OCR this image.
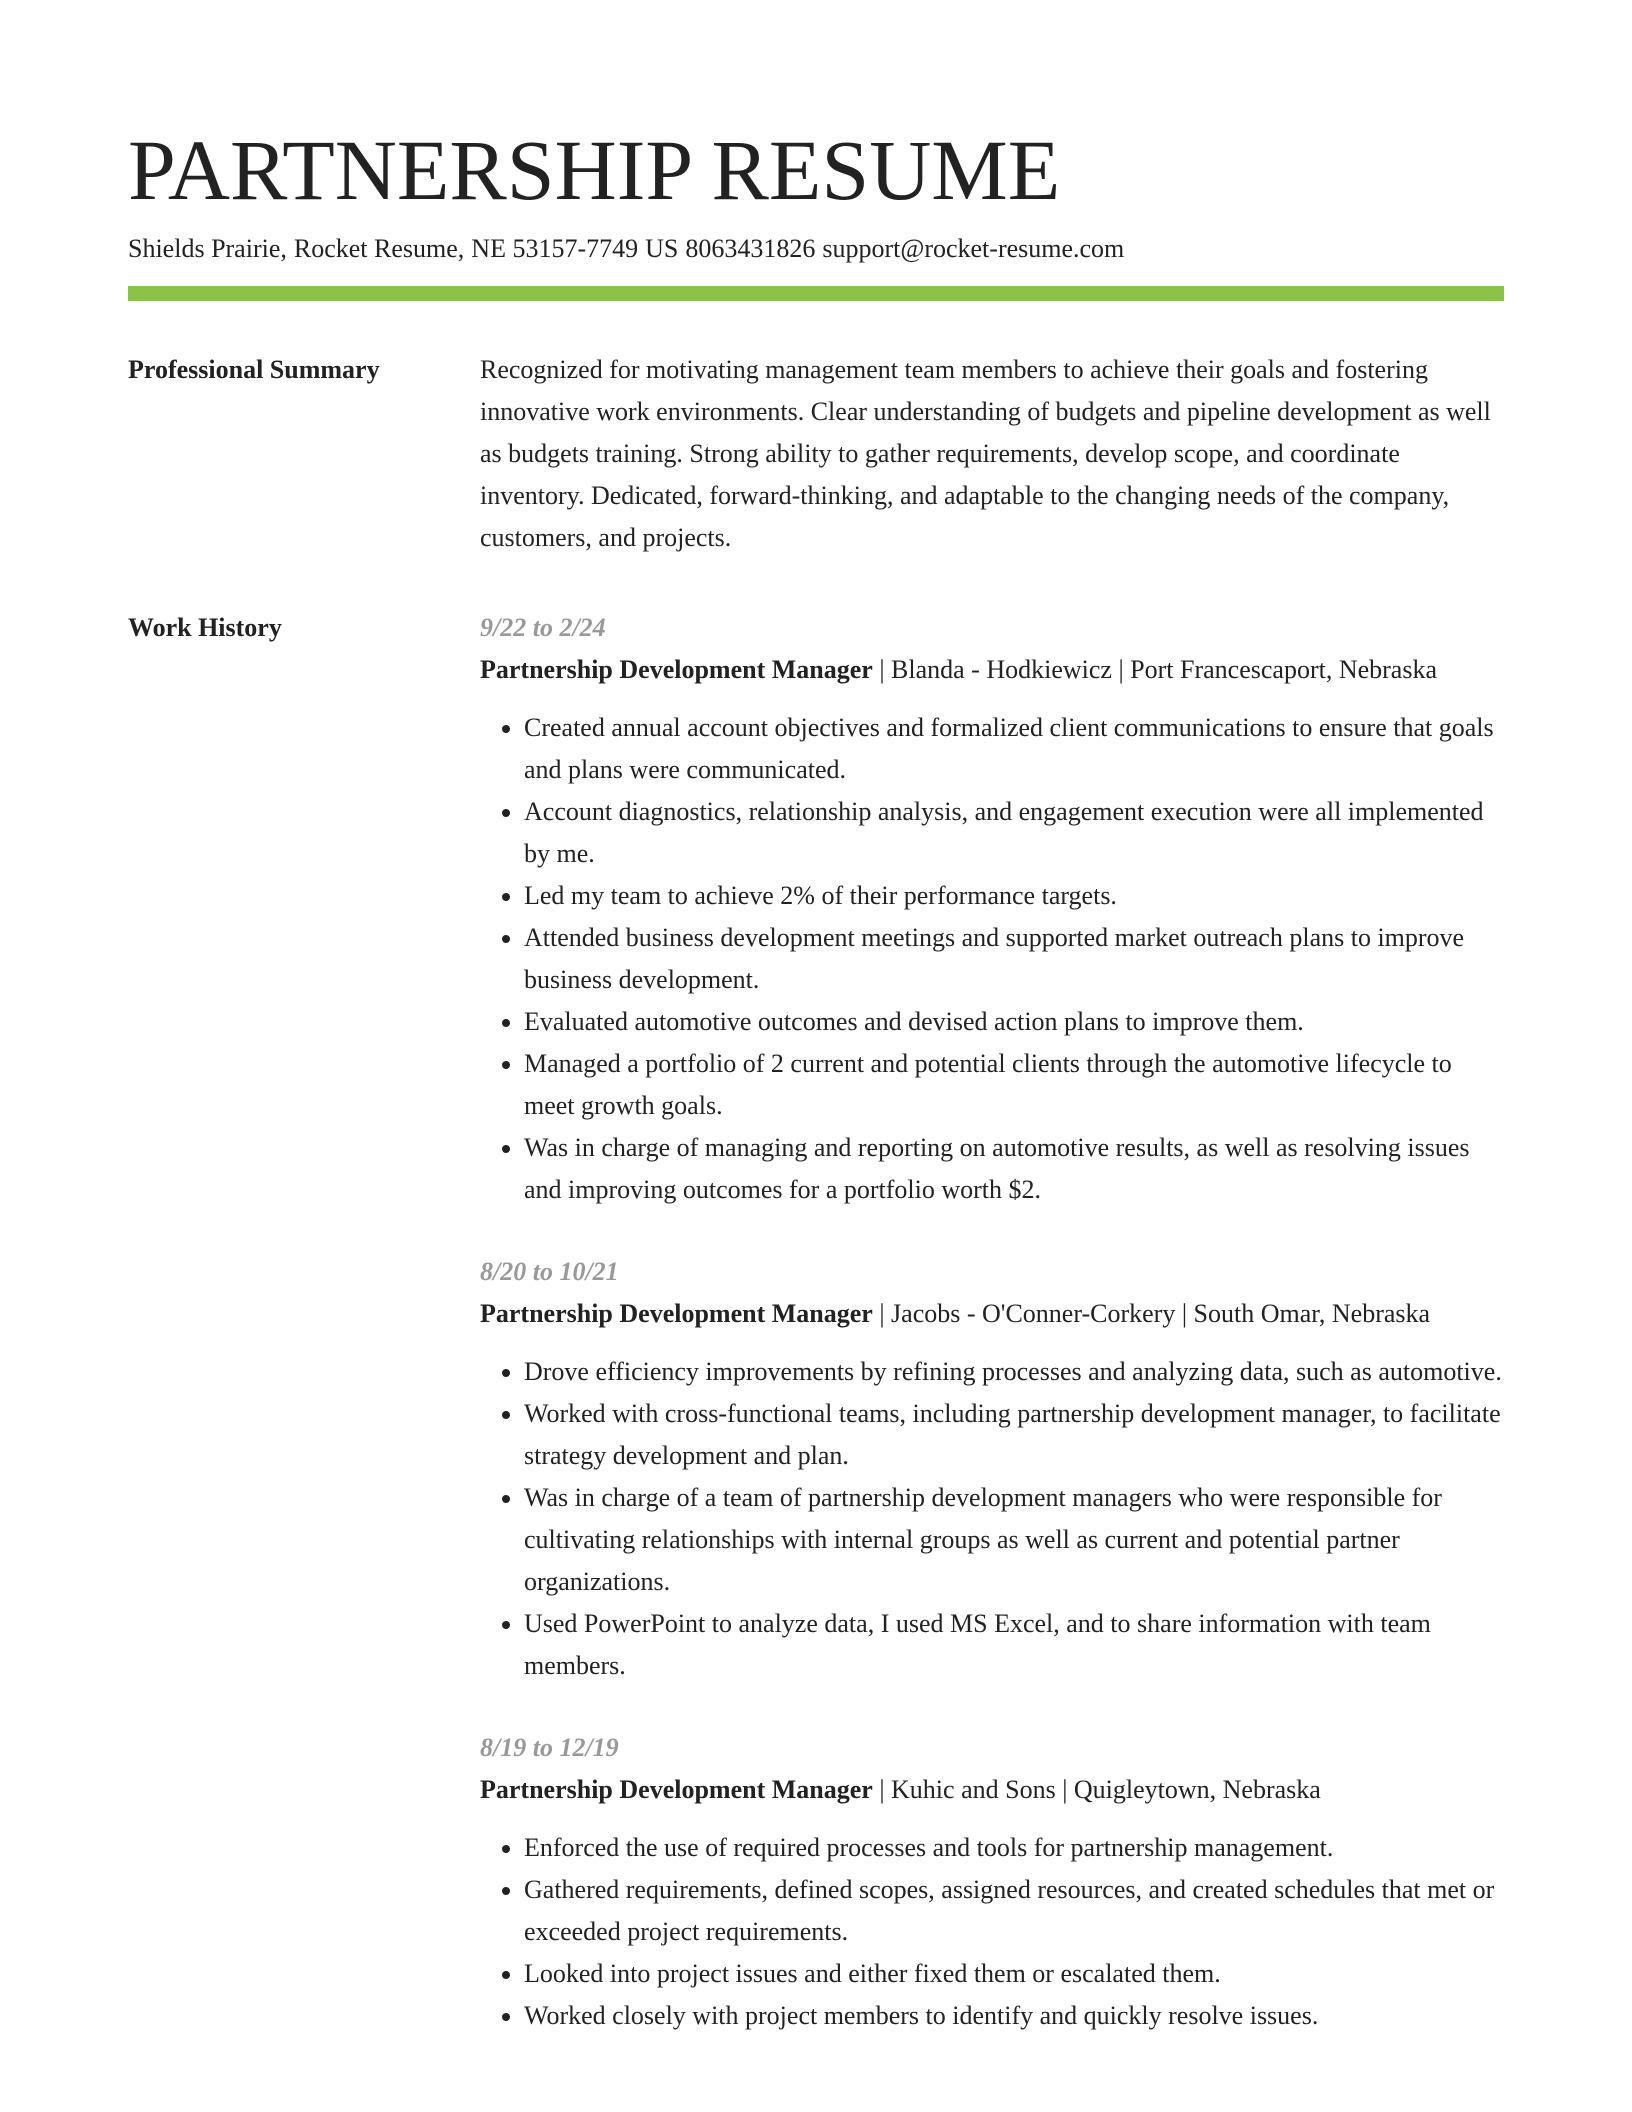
PARTNERSHIP RESUME
Shields Prairie, Rocket Resume, NE 53157-7749 US 8063431826 support@rocket-resume.com
Professional Summary	Recognized for motivating management team members to achieve their goals and fostering innovative work environments. Clear understanding of budgets and pipeline development as well as budgets training. Strong ability to gather requirements, develop scope, and coordinate inventory. Dedicated, forward-thinking, and adaptable to the changing needs of the company, customers, and projects.

Work History	9/22 to 2/24
Partnership Development Manager | Blanda - Hodkiewicz | Port Francescaport, Nebraska
• Created annual account objectives and formalized client communications to ensure that goals and plans were communicated.
• Account diagnostics, relationship analysis, and engagement execution were all implemented by me.
• Led my team to achieve 2% of their performance targets.
• Attended business development meetings and supported market outreach plans to improve business development.
• Evaluated automotive outcomes and devised action plans to improve them.
• Managed a portfolio of 2 current and potential clients through the automotive lifecycle to meet growth goals.
• Was in charge of managing and reporting on automotive results, as well as resolving issues and improving outcomes for a portfolio worth $2.
8/20 to 10/21
Partnership Development Manager | Jacobs - O'Conner-Corkery | South Omar, Nebraska
• Drove efficiency improvements by refining processes and analyzing data, such as automotive.
• Worked with cross-functional teams, including partnership development manager, to facilitate strategy development and plan.
• Was in charge of a team of partnership development managers who were responsible for cultivating relationships with internal groups as well as current and potential partner organizations.
• Used PowerPoint to analyze data, I used MS Excel, and to share information with team members.
8/19 to 12/19
Partnership Development Manager | Kuhic and Sons | Quigleytown, Nebraska
• Enforced the use of required processes and tools for partnership management.
• Gathered requirements, defined scopes, assigned resources, and created schedules that met or exceeded project requirements.
• Looked into project issues and either fixed them or escalated them.
• Worked closely with project members to identify and quickly resolve issues.
